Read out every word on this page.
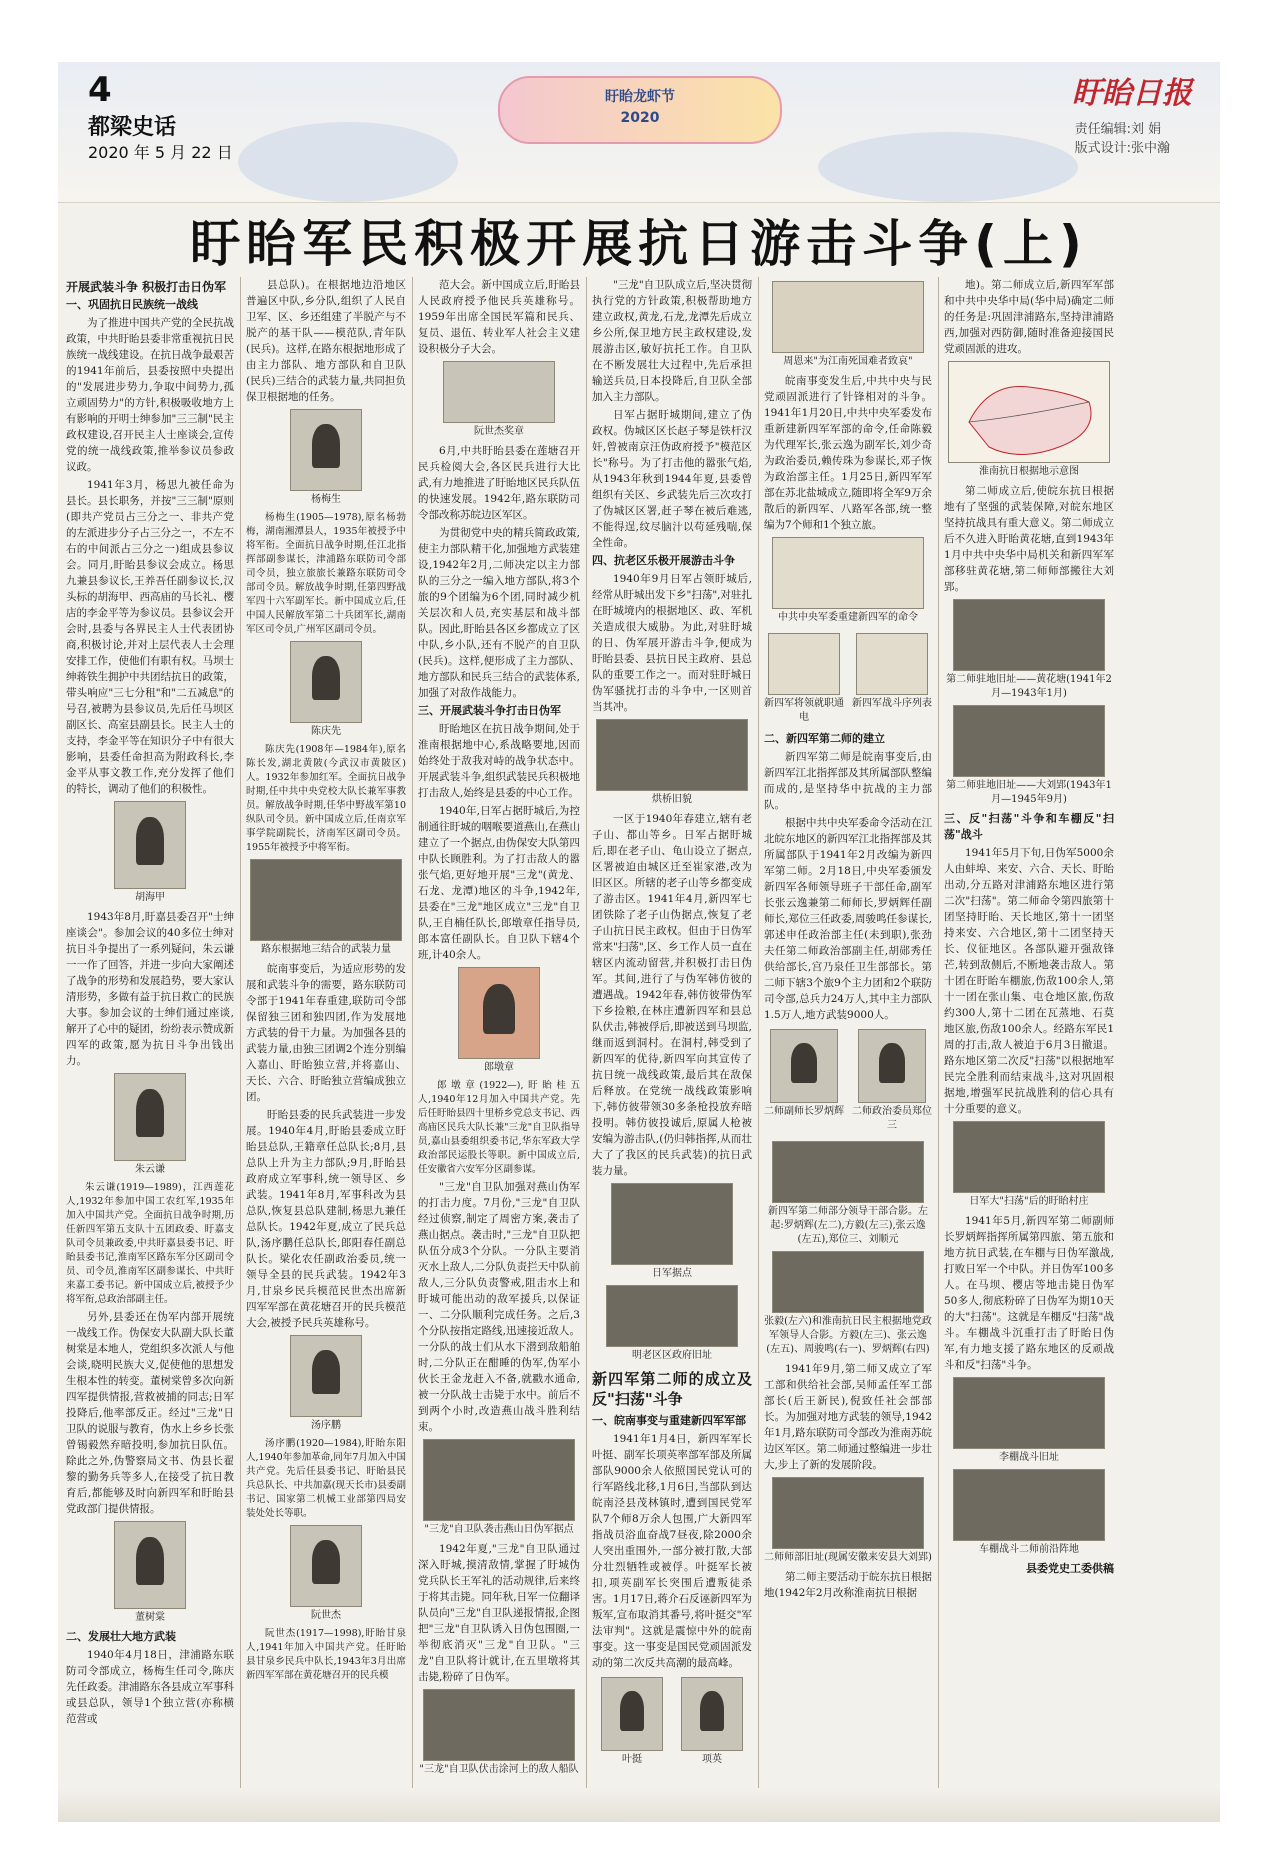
4
都梁史话
2020 年 5 月 22 日
盱眙龙虾节
2020
盱眙日报
责任编辑:刘 娟
版式设计:张中瀚
盱眙军民积极开展抗日游击斗争(上)
开展武装斗争 积极打击日伪军
一、巩固抗日民族统一战线

为了推进中国共产党的全民抗战政策，中共盱眙县委非常重视抗日民族统一战线建设。在抗日战争最艰苦的1941年前后，县委按照中央提出的"发展进步势力,争取中间势力,孤立顽固势力"的方针,积极吸收地方上有影响的开明士绅参加"三三制"民主政权建设,召开民主人士座谈会,宣传党的统一战线政策,推举参议员参政议政。

1941年3月，杨思九被任命为县长。县长职务，并按"三三制"原则(即共产党员占三分之一、非共产党的左派进步分子占三分之一，不左不右的中间派占三分之一)组成县参议会。同月,盱眙县参议会成立。杨思九兼县参议长,王养吾任副参议长,汉头标的胡海甲、西高庙的马长礼、樱店的李金平等为参议员。县参议会开会时,县委与各界民主人士代表团协商,积极讨论,并对上层代表人士会理安排工作，使他们有职有权。马坝士绅蒋铁生拥护中共团结抗日的政策，带头响应"三七分租"和"二五减息"的号召,被聘为县参议员,先后任马坝区副区长、高室县副县长。民主人士的支持，李金平等在知识分子中有很大影响，县委任命担高为附政科长,李金平从事文教工作,充分发挥了他们的特长，调动了他们的积极性。

胡海甲

1943年8月,盱嘉县委召开"士绅座谈会"。参加会议的40多位士绅对抗日斗争提出了一系列疑问，朱云谦一一作了回答，并进一步向大家阐述了战争的形势和发展趋势，要大家认清形势，多做有益于抗日救亡的民族大事。参加会议的士绅们通过座谈,解开了心中的疑团，纷纷表示赞成新四军的政策,愿为抗日斗争出钱出力。

朱云谦

朱云谦(1919—1989)，江西莲花人,1932年参加中国工农红军,1935年加入中国共产党。全面抗日战争时期,历任新四军第五支队十五团政委、盱嘉支队司令员兼政委,中共盱嘉县委书记、盱眙县委书记,淮南军区路东军分区副司令员、司令员,淮南军区副参谋长、中共盱来嘉工委书记。新中国成立后,被授予少将军衔,总政治部副主任。

另外,县委还在伪军内部开展统一战线工作。伪保安大队副大队长董树棠是本地人，党组织多次派人与他会谈,晓明民族大义,促使他的思想发生根本性的转变。董树棠曾多次向新四军提供情报,营救被捕的同志;日军投降后,他率部反正。经过"三龙"日卫队的说服与教育，伪水上乡乡长张曾锡毅然弃暗投明,参加抗日队伍。除此之外,伪警察局文书、伪县长翟黎的勤务兵等多人,在接受了抗日教育后,都能够及时向新四军和盱眙县党政部门提供情报。

董树棠
二、发展壮大地方武装

1940年4月18日，津浦路东联防司令部成立，杨梅生任司令,陈庆先任政委。津浦路东各县成立军事科或县总队，领导1个独立营(亦称横范营或

县总队)。在根据地边沿地区普遍区中队,乡分队,组织了人民自卫军、区、乡还组建了半脱产与不脱产的基干队——模范队,青年队(民兵)。这样,在路东根据地形成了由主力部队、地方部队和自卫队(民兵)三结合的武装力量,共同担负保卫根据地的任务。

杨梅生

杨梅生(1905—1978),原名杨勃梅，湖南湘潭县人，1935年被授予中将军衔。全面抗日战争时期,任江北指挥部副参谋长，津浦路东联防司令部司令员，独立旅旅长兼路东联防司令部司令员。解放战争时期,任第四野战军四十六军副军长。新中国成立后,任中国人民解放军第二十兵团军长,湖南军区司令员,广州军区副司令员。

陈庆先

陈庆先(1908年—1984年),原名陈长发,湖北黄陂(今武汉市黄陂区)人。1932年参加红军。全面抗日战争时期,任中共中央党校大队长兼军事教员。解放战争时期,任华中野战军第10纵队司令员。新中国成立后,任南京军事学院副院长，济南军区副司令员。1955年被授予中将军衔。

路东根据地三结合的武装力量

皖南事变后，为适应形势的发展和武装斗争的需要，路东联防司令部于1941年春重建,联防司令部保留独三团和独四团,作为发展地方武装的骨干力量。为加强各县的武装力量,由独三团调2个连分别编入嘉山、盱眙独立营,并将嘉山、天长、六合、盱眙独立营编成独立团。

盱眙县委的民兵武装进一步发展。1940年4月,盱眙县委成立盱眙县总队,王籍章任总队长;8月,县总队上升为主力部队;9月,盱眙县政府成立军事科,统一领导区、乡武装。1941年8月,军事科改为县总队,恢复县总队建制,杨思九兼任总队长。1942年夏,成立了民兵总队,汤序鹏任总队长,郎阳春任副总队长。梁化农任副政治委员,统一领导全县的民兵武装。1942年3月,甘泉乡民兵模范民世杰出席新四军军部在黄花塘召开的民兵模范大会,被授予民兵英雄称号。

汤序鹏

汤序鹏(1920—1984),盱眙东阳人,1940年参加革命,同年7月加入中国共产党。先后任县委书记、盱眙县民兵总队长、中共加嘉(现天长市)县委副书记、国家第二机械工业部第四局安装处处长等职。

阮世杰

阮世杰(1917—1998),盱眙甘泉人,1941年加入中国共产党。任盱眙县甘泉乡民兵中队长,1943年3月出席新四军军部在黄花塘召开的民兵模

范大会。新中国成立后,盱眙县人民政府授予他民兵英雄称号。1959年出席全国民军篇和民兵、复员、退伍、转业军人社会主义建设积极分子大会。

阮世杰奖章

6月,中共盱眙县委在莲塘召开民兵检阅大会,各区民兵进行大比武,有力地推进了盱眙地区民兵队伍的快速发展。1942年,路东联防司令部改称苏皖边区军区。

为贯彻党中央的精兵简政政策,使主力部队精干化,加强地方武装建设,1942年2月,二师决定以主力部队的三分之一编入地方部队,将3个旅的9个团编为6个团,同时减少机关层次和人员,充实基层和战斗部队。因此,盱眙县各区乡都成立了区中队,乡小队,还有不脱产的自卫队(民兵)。这样,便形成了主力部队、地方部队和民兵三结合的武装体系,加强了对敌作战能力。

三、开展武装斗争打击日伪军

盱眙地区在抗日战争期间,处于淮南根据地中心,系战略要地,因而始终处于敌我对峙的战争状态中。开展武装斗争,组织武装民兵积极地打击敌人,始终是县委的中心工作。

1940年,日军占据盱城后,为控制通往盱城的咽喉要道燕山,在燕山建立了一个据点,由伪保安大队第四中队长顾胜利。为了打击敌人的嚣张气焰,更好地开展"三龙"(黄龙、石龙、龙潭)地区的斗争,1942年,县委在"三龙"地区成立"三龙"自卫队,王自楠任队长,郎墩章任指导员,郎本富任副队长。自卫队下辖4个班,计40余人。

郎墩章

郎墩章(1922—),盱眙桂五人,1940年12月加入中国共产党。先后任盱眙县四十里桥乡党总支书记、西高庙区民兵大队长兼"三龙"自卫队指导员,嘉山县委组织委书记,华东军政大学政治部民运股长等职。新中国成立后,任安徽省六安军分区副参谋。

"三龙"自卫队加强对燕山伪军的打击力度。7月份,"三龙"自卫队经过侦察,制定了周密方案,袭击了燕山据点。袭击时,"三龙"自卫队把队伍分成3个分队。一分队主要消灭水上敌人,二分队负责拦天中队前敌人,三分队负责警戒,阻击水上和盱城可能出动的敌军援兵,以保证一、二分队顺利完成任务。之后,3个分队按指定路线,迅速接近敌人。一分队的战士们从水下潜到敌船舶时,二分队正在酣睡的伪军,伪军小伙长王金龙赶入不备,就戳水通命,被一分队战士击毙于水中。前后不到两个小时,改造燕山战斗胜利结束。

"三龙"自卫队袭击燕山日伪军据点

1942年夏,"三龙"自卫队通过深入盱城,摸清敌情,掌握了盱城伪党兵队长王军礼的活动规律,后来终于将其击毙。同年秋,日军一位翻译队员向"三龙"自卫队递报情报,企图把"三龙"自卫队诱入日伪包围圈,一举彻底消灭"三龙"自卫队。"三龙"自卫队将计就计,在五里墩将其击毙,粉碎了日伪军。

"三龙"自卫队伏击涂河上的敌人船队

"三龙"自卫队成立后,坚决贯彻执行党的方针政策,积极帮助地方建立政权,黄龙,石龙,龙潭先后成立乡公所,保卫地方民主政权建设,发展游击区,敏好抗托工作。自卫队在不断发展壮大过程中,先后承担输送兵员,日本投降后,自卫队全部加入主力部队。

日军占据盱城期间,建立了伪政权。伪城区区长赵子琴是铁杆汉奸,曾被南京汪伪政府授予"模范区长"称号。为了打击他的嚣张气焰,从1943年秋到1944年夏,县委曾组织有关区、乡武装先后三次攻打了伪城区区署,赶子琴在被后难逃,不能得逞,纹尽脑汁以苟延残喘,保全性命。

四、抗老区乐极开展游击斗争

1940年9月日军占领盱城后,经常从盱城出发下乡"扫荡",对驻扎在盱城境内的根据地区、政、军机关造成很大威胁。为此,对驻盱城的日、伪军展开游击斗争,便成为盱眙县委、县抗日民主政府、县总队的重要工作之一。而对驻盱城日伪军骚扰打击的斗争中,一区则首当其冲。

烘桥旧貌

一区于1940年春建立,辖有老子山、都山等乡。日军占据盱城后,即在老子山、龟山设立了据点,区署被迫由城区迁至崔家港,改为旧区区。所辖的老子山等乡都变成了游击区。1941年4月,新四军七团铁除了老子山伪据点,恢复了老子山抗日民主政权。但由于日伪军常来"扫荡",区、乡工作人员一直在辖区内流动留营,并积极打击日伪军。其间,进行了与伪军韩仿彼的遭遇战。1942年春,韩仿彼带伪军下乡捡粮,在林庄遭新四军和县总队伏击,韩被俘后,即被送到马坝监,继而返到洞村。在洞村,韩受到了新四军的优待,新四军向其宣传了抗日统一战线政策,最后其在敌保后释放。在党统一战线政策影响下,韩仿彼带领30多条枪投放弃暗投明。韩仿彼投诚后,原属人枪被安编为游击队,(仍归韩指挥,从而壮大了了我区的民兵武装)的抗日武装力量。

日军据点
明老区区政府旧址
新四军第二师的成立及反"扫荡"斗争
一、皖南事变与重建新四军军部

1941年1月4日，新四军军长叶挺、副军长项英率部军部及所属部队9000余人依照国民党认可的行军路线北移,1月6日,当部队到达皖南泾县茂林镇时,遭到国民党军队7个师8万余人包围,广大新四军指战员浴血奋战7昼夜,除2000余人突出重围外,一部分被打散,大部分壮烈牺牲或被俘。叶挺军长被扣,项英副军长突围后遭叛徒杀害。1月17日,蒋介石反诬新四军为叛军,宣布取消其番号,将叶挺交"军法审判"。这就是震惊中外的皖南事变。这一事变是国民党顽固派发动的第二次反共高潮的最高峰。

叶挺	项英
周恩来"为江南死国难者致哀"

皖南事变发生后,中共中央与民党顽固派进行了针锋相对的斗争。1941年1月20日,中共中央军委发布重新建新四军军部的命令,任命陈毅为代理军长,张云逸为副军长,刘少奇为政治委员,赖传珠为参谋长,邓子恢为政治部主任。1月25日,新四军军部在苏北盐城成立,随即将全军9万余散后的新四军、八路军各部,统一整编为7个师和1个独立旅。

中共中央军委重建新四军的命令
新四军将领就职通电
新四军战斗序列表
二、新四军第二师的建立

新四军第二师是皖南事变后,由新四军江北指挥部及其所属部队整编而成的,是坚持华中抗战的主力部队。

根据中共中央军委命令活动在江北皖东地区的新四军江北指挥部及其所属部队于1941年2月改编为新四军第二师。2月18日,中央军委颁发新四军各师领导班子干部任命,副军长张云逸兼第二师师长,罗炳辉任副师长,郑位三任政委,周骏鸣任参谋长,郭述申任政治部主任(未到职),张劲夫任第二师政治部副主任,胡郧秀任供给部长,宫乃泉任卫生部部长。第二师下辖3个旅9个主力团和2个联防司令部,总兵力24万人,其中主力部队1.5万人,地方武装9000人。

二师副师长罗炳辉 二师政治委员郑位三
新四军第二师部分领导干部合影。左起:罗炳辉(左二),方毅(左三),张云逸(左五),郑位三、刘顺元
张毅(左六)和淮南抗日民主根据地党政军领导人合影。方毅(左三)、张云逸(左五)、周骏鸣(右一)、罗炳辉(右四)

1941年9月,第二师又成立了军工部和供给社会部,吴师孟任军工部部长(后王新民),倪致任社会部部长。为加强对地方武装的领导,1942年1月,路东联防司令部改为淮南苏皖边区军区。第二师通过整编进一步壮大,步上了新的发展阶段。

二师师部旧址(现属安徽来安县大刘郢)

第二师主要活动于皖东抗日根据地(1942年2月改称淮南抗日根据

地)。第二师成立后,新四军军部和中共中央华中局(华中局)确定二师的任务是:巩固津浦路东,坚持津浦路西,加强对西防御,随时准备迎接国民党顽固派的进攻。

淮南抗日根据地示意图

第二师成立后,使皖东抗日根据地有了坚强的武装保障,对皖东地区坚持抗战具有重大意义。第二师成立后不久进入盱眙黄花塘,直到1943年1月中共中央华中局机关和新四军军部移驻黄花塘,第二师师部搬往大刘郢。

第二师驻地旧址——黄花塘(1941年2月—1943年1月)
第二师驻地旧址——大刘郢(1943年1月—1945年9月)
三、反"扫荡"斗争和车棚反"扫荡"战斗

1941年5月下旬,日伪军5000余人由蚌埠、来安、六合、天长、盱眙出动,分五路对津浦路东地区进行第二次"扫荡"。第二师命令第四旅第十团坚持盱眙、天长地区,第十一团坚持来安、六合地区,第十二团坚持天长、仪征地区。各部队避开强敌锋芒,转到敌侧后,不断地袭击敌人。第十团在盱眙车棚旅,伤敌100余人,第十一团在张山集、屯仓地区旅,伤敌约300人,第十二团在瓦蒸地、石莫地区旅,伤敌100余人。经路东军民1周的打击,敌人被迫于6月3日撤退。路东地区第二次反"扫荡"以根据地军民完全胜利而结束战斗,这对巩固根据地,增强军民抗战胜利的信心具有十分重要的意义。

日军大"扫荡"后的盱眙村庄

1941年5月,新四军第二师副师长罗炳辉指挥所属第四旅、第五旅和地方抗日武装,在车棚与日伪军激战,打败日军一个中队。并日伪军100多人。在马坝、樱店等地击毙日伪军50多人,彻底粉碎了日伪军为期10天的大"扫荡"。这就是车棚反"扫荡"战斗。车棚战斗沉重打击了盱眙日伪军,有力地支援了路东地区的反顽战斗和反"扫荡"斗争。

李棚战斗旧址
车棚战斗二师前沿阵地
县委党史工委供稿
